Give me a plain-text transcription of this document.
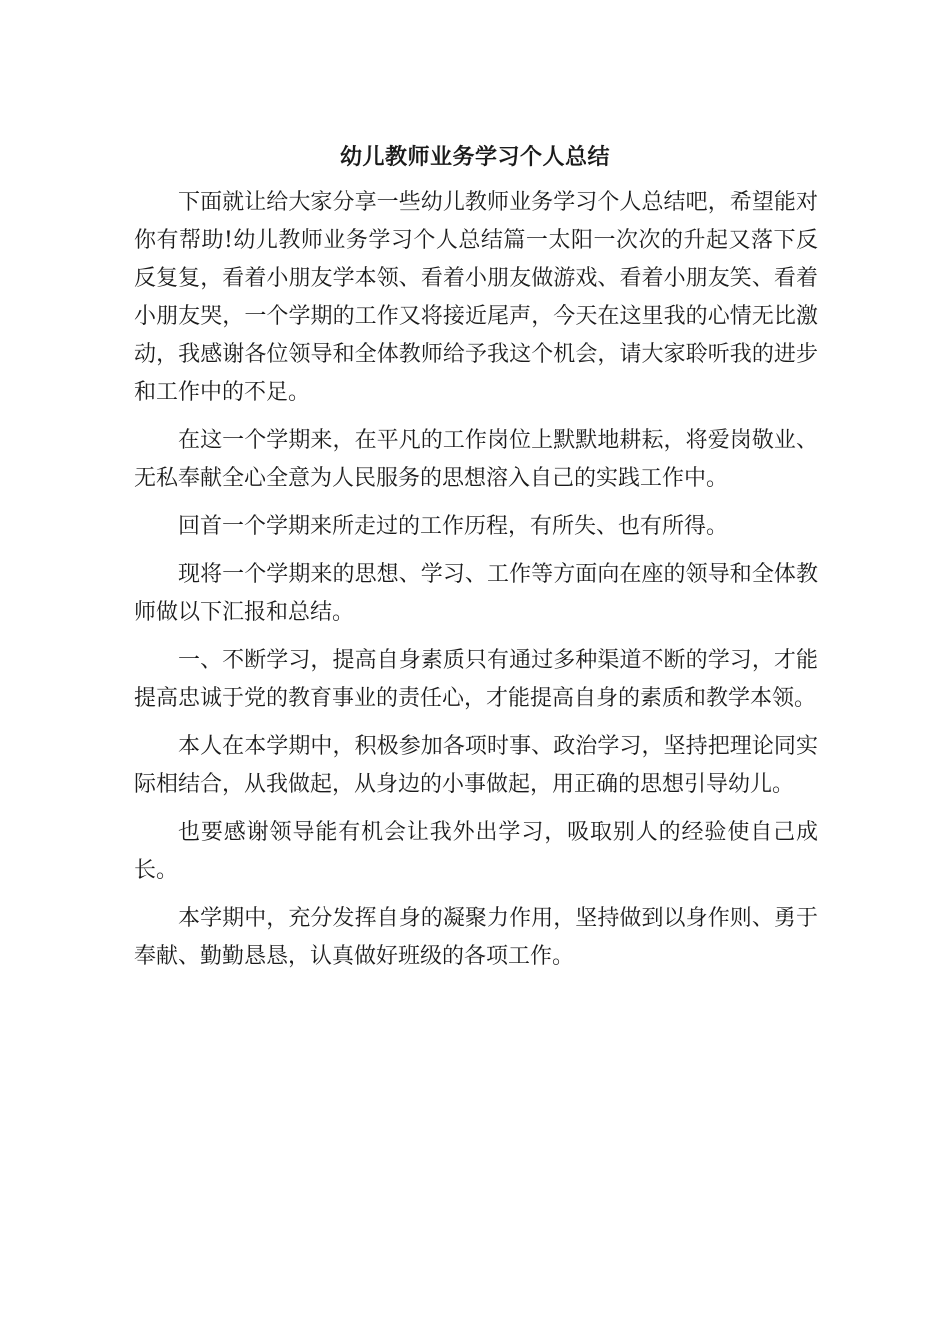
幼儿教师业务学习个人总结

下面就让给大家分享一些幼儿教师业务学习个人总结吧，希望能对你有帮助!幼儿教师业务学习个人总结篇一太阳一次次的升起又落下反反复复，看着小朋友学本领、看着小朋友做游戏、看着小朋友笑、看着小朋友哭，一个学期的工作又将接近尾声，今天在这里我的心情无比激动，我感谢各位领导和全体教师给予我这个机会，请大家聆听我的进步和工作中的不足。

在这一个学期来，在平凡的工作岗位上默默地耕耘，将爱岗敬业、无私奉献全心全意为人民服务的思想溶入自己的实践工作中。

回首一个学期来所走过的工作历程，有所失、也有所得。

现将一个学期来的思想、学习、工作等方面向在座的领导和全体教师做以下汇报和总结。

一、不断学习，提高自身素质只有通过多种渠道不断的学习，才能提高忠诚于党的教育事业的责任心，才能提高自身的素质和教学本领。

本人在本学期中，积极参加各项时事、政治学习，坚持把理论同实际相结合，从我做起，从身边的小事做起，用正确的思想引导幼儿。

也要感谢领导能有机会让我外出学习，吸取别人的经验使自己成长。

本学期中，充分发挥自身的凝聚力作用，坚持做到以身作则、勇于奉献、勤勤恳恳，认真做好班级的各项工作。
